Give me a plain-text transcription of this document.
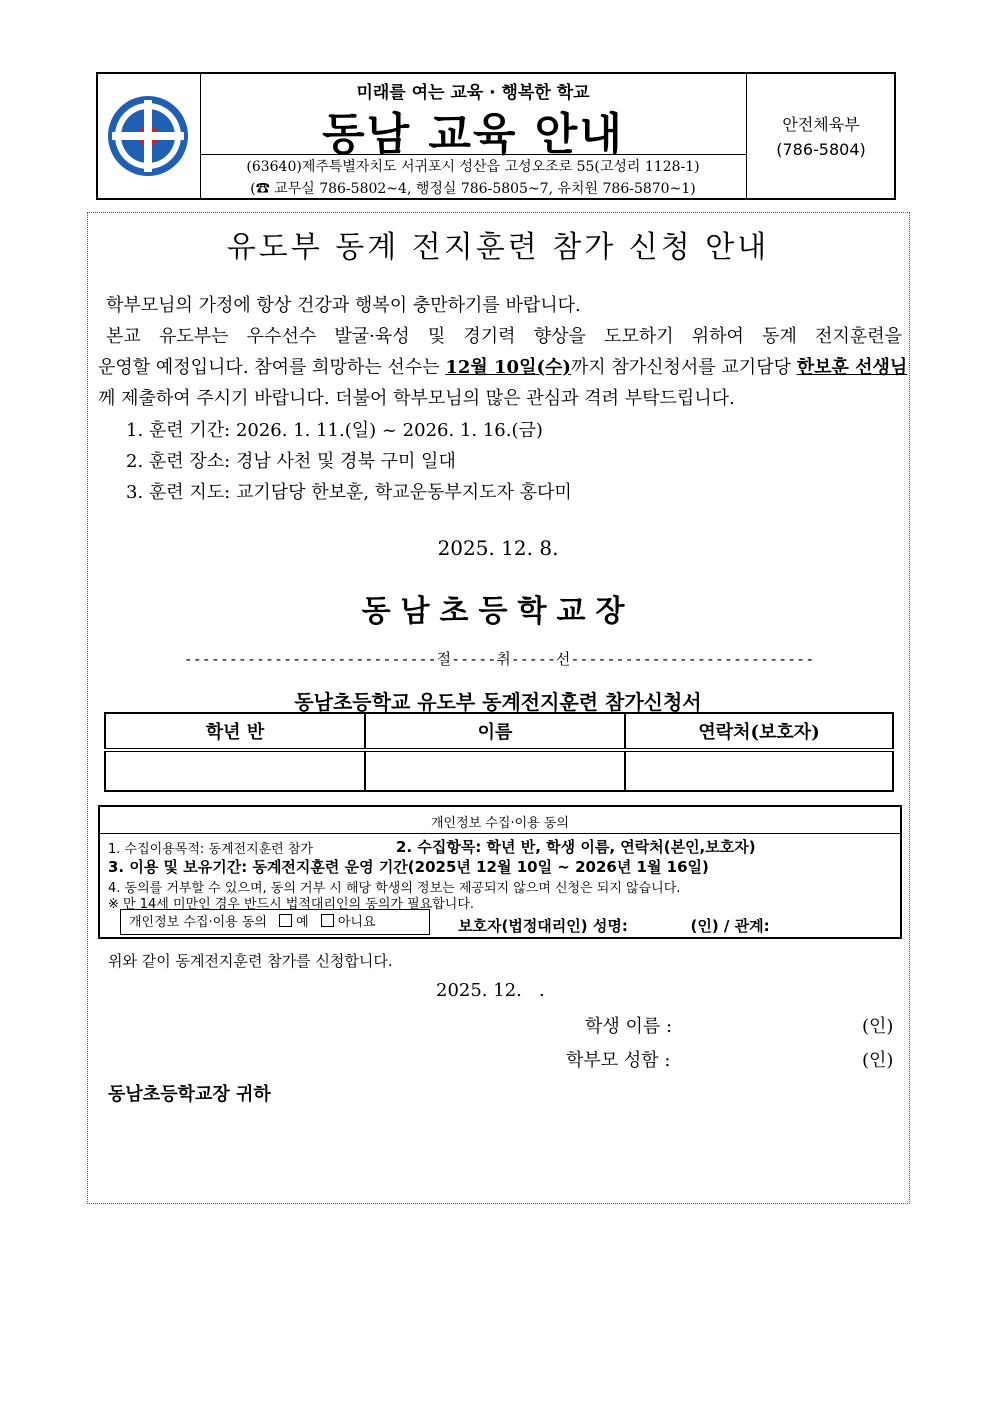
미래를 여는 교육 · 행복한 학교
동남 교육 안내
(63640)제주특별자치도 서귀포시 성산읍 고성오조로 55(고성리 1128-1)
(☎ 교무실 786-5802~4, 행정실 786-5805~7, 유치원 786-5870~1)
안전체육부
(786-5804)
유도부 동계 전지훈련 참가 신청 안내
학부모님의 가정에 항상 건강과 행복이 충만하기를 바랍니다.
본교 유도부는 우수선수 발굴·육성 및 경기력 향상을 도모하기 위하여 동계 전지훈련을
운영할 예정입니다. 참여를 희망하는 선수는 12월 10일(수)까지 참가신청서를 교기담당 한보훈 선생님
께 제출하여 주시기 바랍니다. 더불어 학부모님의 많은 관심과 격려 부탁드립니다.
1. 훈련 기간: 2026. 1. 11.(일) ~ 2026. 1. 16.(금)
2. 훈련 장소: 경남 사천 및 경북 구미 일대
3. 훈련 지도: 교기담당 한보훈, 학교운동부지도자 홍다미
2025. 12. 8.
동남초등학교장
----------------------------절-----취-----선---------------------------
동남초등학교 유도부 동계전지훈련 참가신청서
학년 반	이름	연락처(보호자)

개인정보 수집·이용 동의
1. 수집이용목적: 동계전지훈련 참가	2. 수집항목: 학년 반, 학생 이름, 연락처(본인,보호자)
3. 이용 및 보유기간: 동계전지훈련 운영 기간(2025년 12월 10일 ~ 2026년 1월 16일)
4. 동의를 거부할 수 있으며, 동의 거부 시 해당 학생의 정보는 제공되지 않으며 신청은 되지 않습니다.
※ 만 14세 미만인 경우 반드시 법적대리인의 동의가 필요합니다.
개인정보 수집·이용 동의 예 아니요	보호자(법정대리인) 성명:            (인) / 관계:
위와 같이 동계전지훈련 참가를 신청합니다.
2025. 12.   .
학생 이름 :	(인)
학부모 성함 :	(인)
동남초등학교장 귀하
